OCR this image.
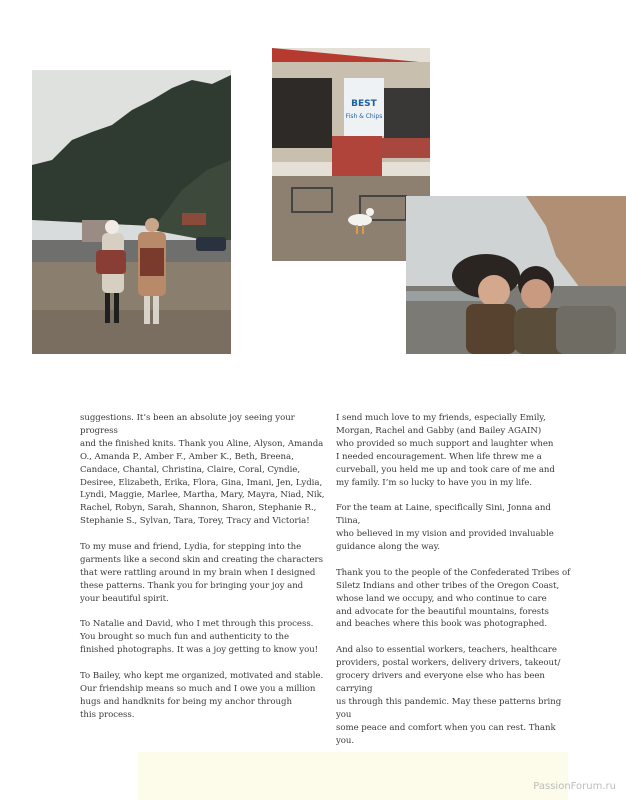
BEST
Fish & Chips

suggestions. It’s been an absolute joy seeing your progress
and the finished knits. Thank you Aline, Alyson, Amanda
O., Amanda P., Amber F., Amber K., Beth, Breena,
Candace, Chantal, Christina, Claire, Coral, Cyndie,
Desiree, Elizabeth, Erika, Flora, Gina, Imani, Jen, Lydia,
Lyndi, Maggie, Marlee, Martha, Mary, Mayra, Niad, Nik,
Rachel, Robyn, Sarah, Shannon, Sharon, Stephanie R.,
Stephanie S., Sylvan, Tara, Torey, Tracy and Victoria!

To my muse and friend, Lydia, for stepping into the
garments like a second skin and creating the characters
that were rattling around in my brain when I designed
these patterns. Thank you for bringing your joy and
your beautiful spirit.

To Natalie and David, who I met through this process.
You brought so much fun and authenticity to the
finished photographs. It was a joy getting to know you!

To Bailey, who kept me organized, motivated and stable.
Our friendship means so much and I owe you a million
hugs and handknits for being my anchor through
this process.

I send much love to my friends, especially Emily,
Morgan, Rachel and Gabby (and Bailey AGAIN)
who provided so much support and laughter when
I needed encouragement. When life threw me a
curveball, you held me up and took care of me and
my family. I’m so lucky to have you in my life.

For the team at Laine, specifically Sini, Jonna and Tiina,
who believed in my vision and provided invaluable
guidance along the way.

Thank you to the people of the Confederated Tribes of
Siletz Indians and other tribes of the Oregon Coast,
whose land we occupy, and who continue to care
and advocate for the beautiful mountains, forests
and beaches where this book was photographed.

And also to essential workers, teachers, healthcare
providers, postal workers, delivery drivers, takeout/
grocery drivers and everyone else who has been carrying
us through this pandemic. May these patterns bring you
some peace and comfort when you can rest. Thank you.

PassionForum.ru
